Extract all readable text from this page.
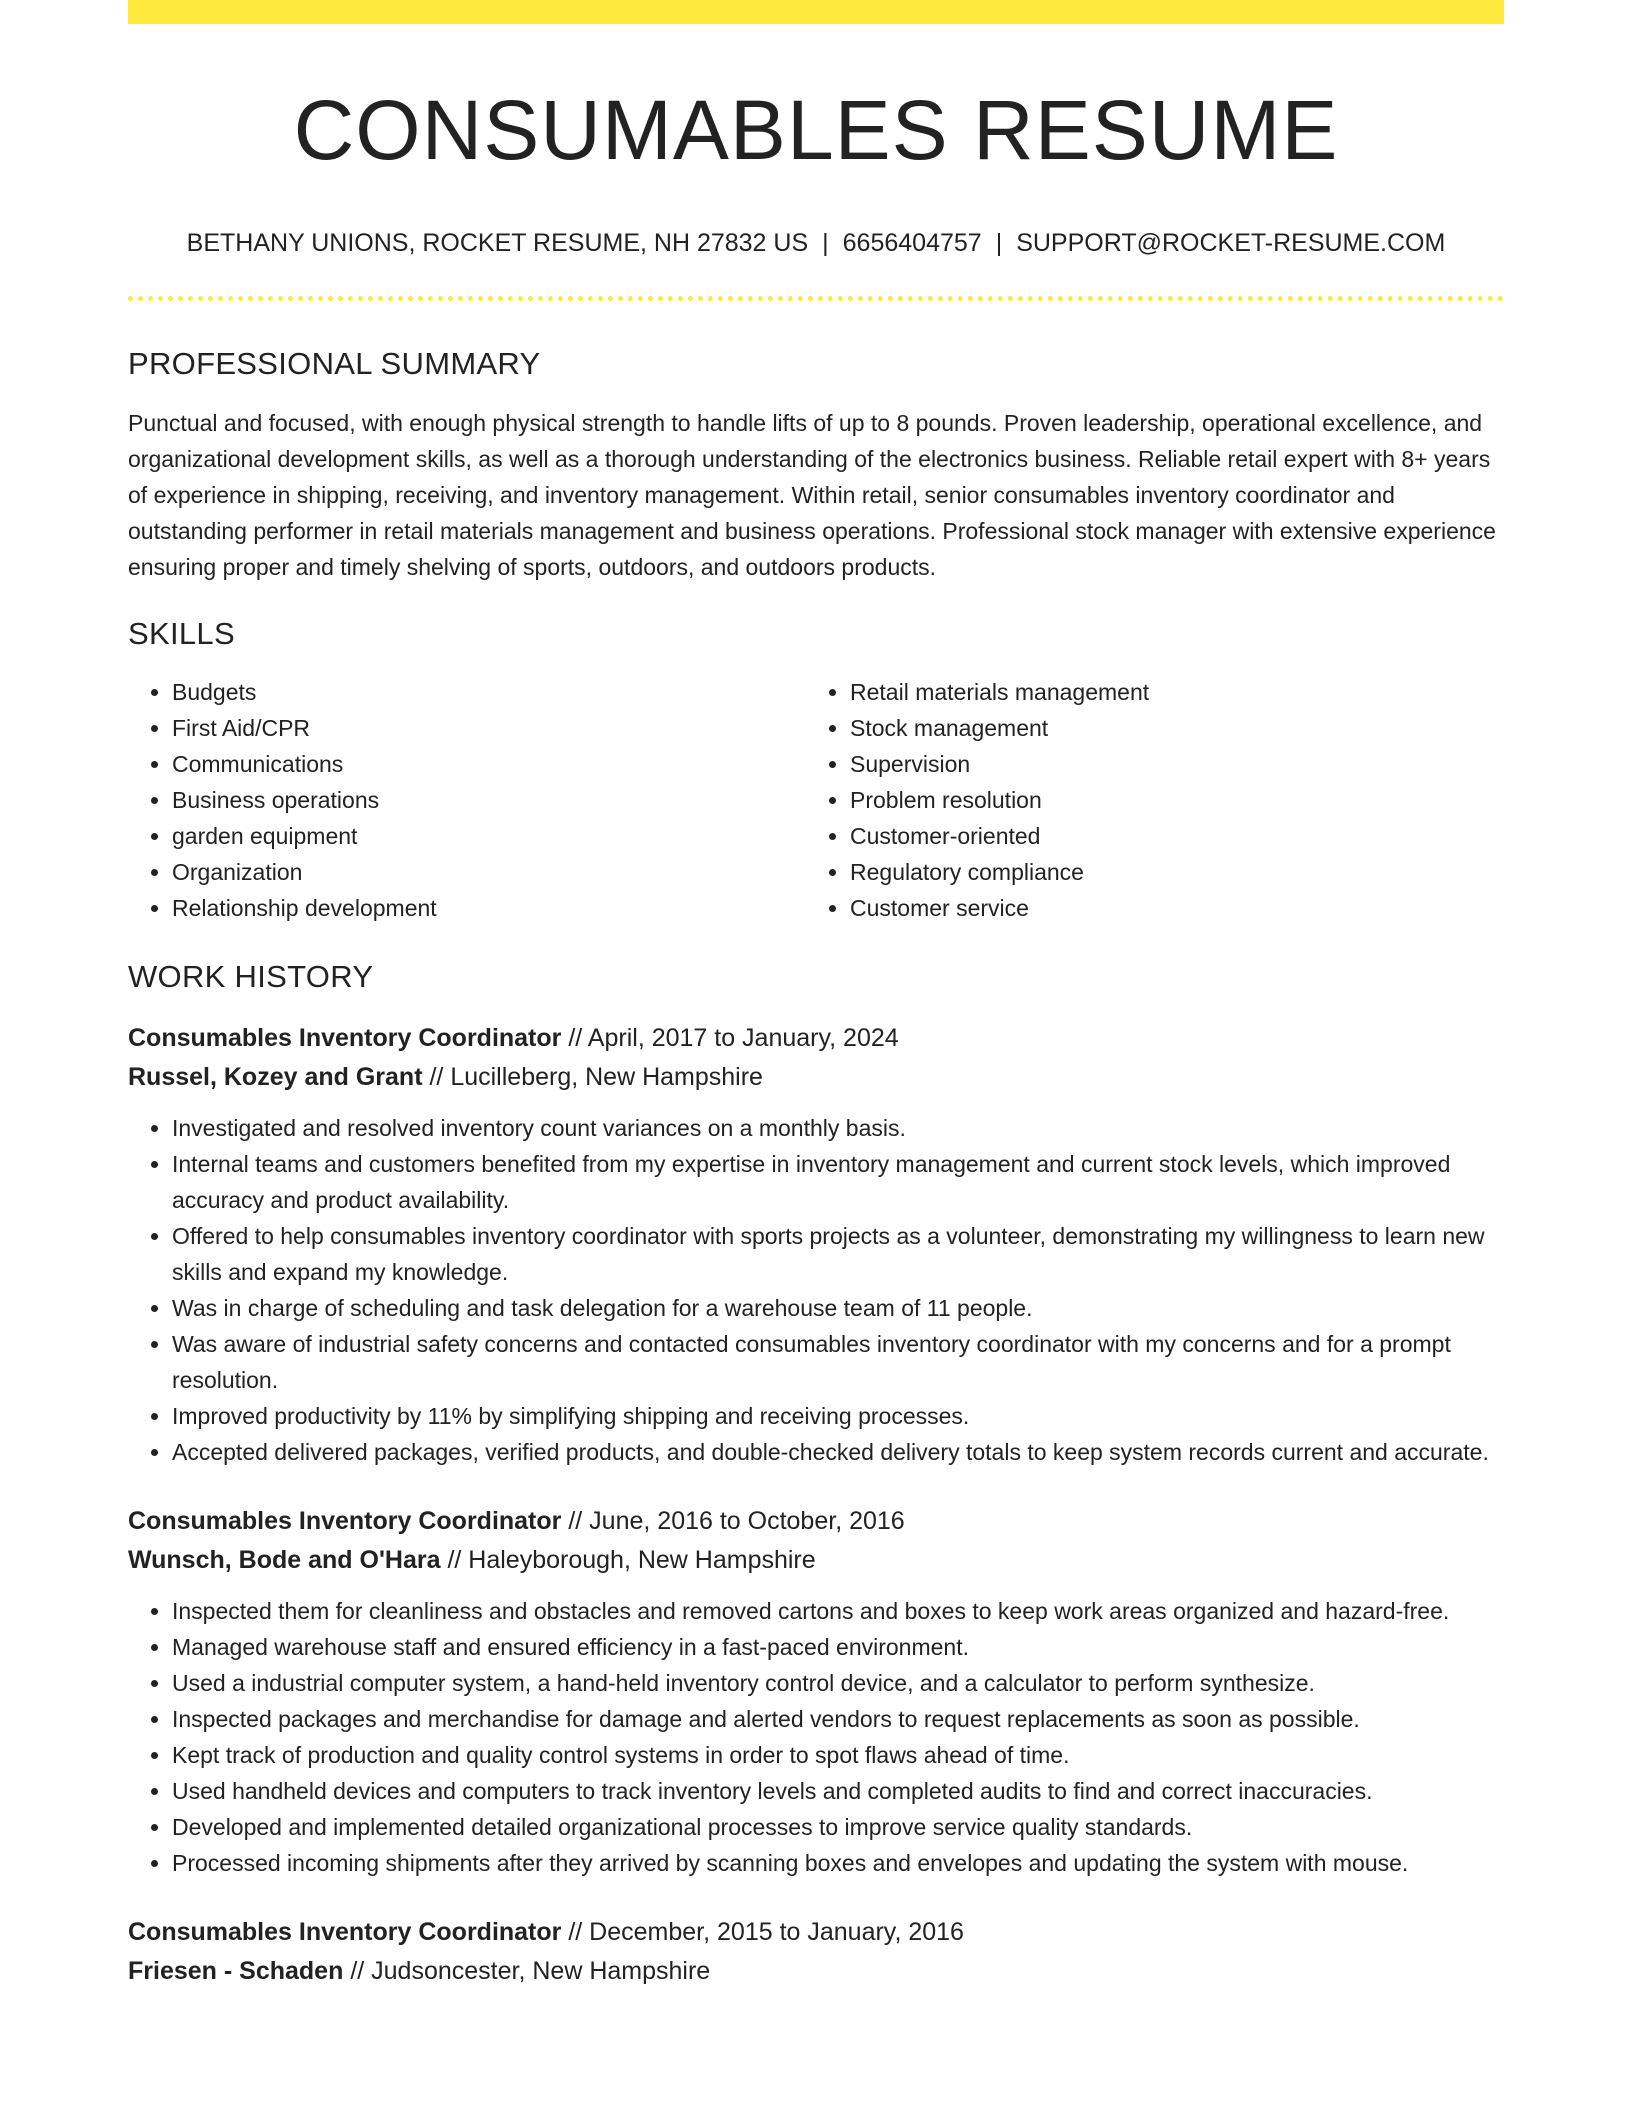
CONSUMABLES RESUME
BETHANY UNIONS, ROCKET RESUME, NH 27832 US | 6656404757 | SUPPORT@ROCKET-RESUME.COM
PROFESSIONAL SUMMARY

Punctual and focused, with enough physical strength to handle lifts of up to 8 pounds. Proven leadership, operational excellence, and organizational development skills, as well as a thorough understanding of the electronics business. Reliable retail expert with 8+ years of experience in shipping, receiving, and inventory management. Within retail, senior consumables inventory coordinator and outstanding performer in retail materials management and business operations. Professional stock manager with extensive experience ensuring proper and timely shelving of sports, outdoors, and outdoors products.

SKILLS
• Budgets
• First Aid/CPR
• Communications
• Business operations
• garden equipment
• Organization
• Relationship development
• Retail materials management
• Stock management
• Supervision
• Problem resolution
• Customer-oriented
• Regulatory compliance
• Customer service
WORK HISTORY
Consumables Inventory Coordinator // April, 2017 to January, 2024
Russel, Kozey and Grant // Lucilleberg, New Hampshire
• Investigated and resolved inventory count variances on a monthly basis.
• Internal teams and customers benefited from my expertise in inventory management and current stock levels, which improved accuracy and product availability.
• Offered to help consumables inventory coordinator with sports projects as a volunteer, demonstrating my willingness to learn new skills and expand my knowledge.
• Was in charge of scheduling and task delegation for a warehouse team of 11 people.
• Was aware of industrial safety concerns and contacted consumables inventory coordinator with my concerns and for a prompt resolution.
• Improved productivity by 11% by simplifying shipping and receiving processes.
• Accepted delivered packages, verified products, and double-checked delivery totals to keep system records current and accurate.
Consumables Inventory Coordinator // June, 2016 to October, 2016
Wunsch, Bode and O'Hara // Haleyborough, New Hampshire
• Inspected them for cleanliness and obstacles and removed cartons and boxes to keep work areas organized and hazard-free.
• Managed warehouse staff and ensured efficiency in a fast-paced environment.
• Used a industrial computer system, a hand-held inventory control device, and a calculator to perform synthesize.
• Inspected packages and merchandise for damage and alerted vendors to request replacements as soon as possible.
• Kept track of production and quality control systems in order to spot flaws ahead of time.
• Used handheld devices and computers to track inventory levels and completed audits to find and correct inaccuracies.
• Developed and implemented detailed organizational processes to improve service quality standards.
• Processed incoming shipments after they arrived by scanning boxes and envelopes and updating the system with mouse.
Consumables Inventory Coordinator // December, 2015 to January, 2016
Friesen - Schaden // Judsoncester, New Hampshire
